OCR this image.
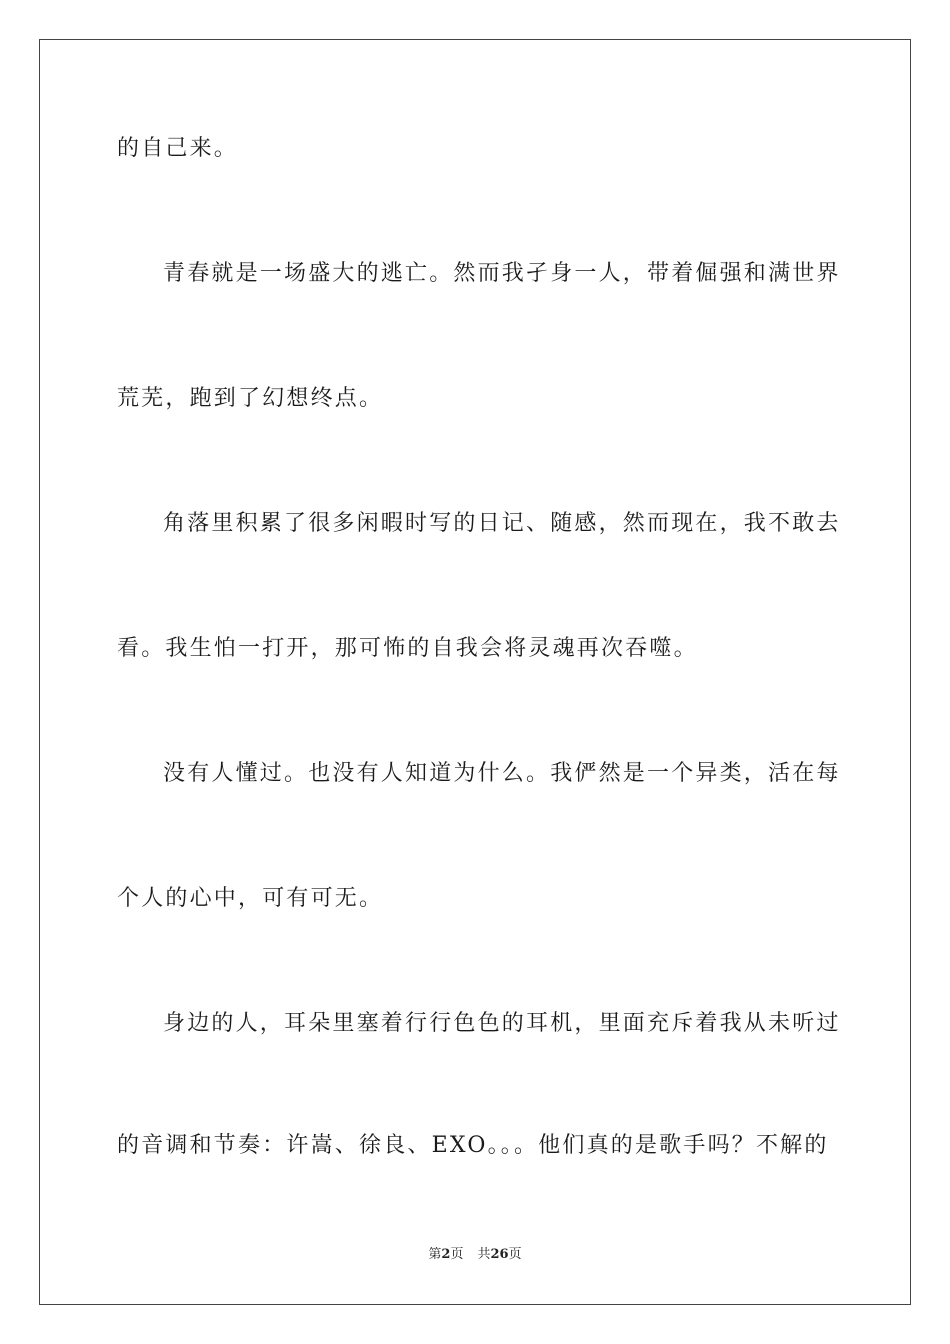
的自己来。
青春就是一场盛大的逃亡。然而我孑身一人，带着倔强和满世界
荒芜，跑到了幻想终点。
角落里积累了很多闲暇时写的日记、随感，然而现在，我不敢去
看。我生怕一打开，那可怖的自我会将灵魂再次吞噬。
没有人懂过。也没有人知道为什么。我俨然是一个异类，活在每
个人的心中，可有可无。
身边的人，耳朵里塞着行行色色的耳机，里面充斥着我从未听过
的音调和节奏：许嵩、徐良、EXO。。。他们真的是歌手吗？不解的
第2页 共26页
